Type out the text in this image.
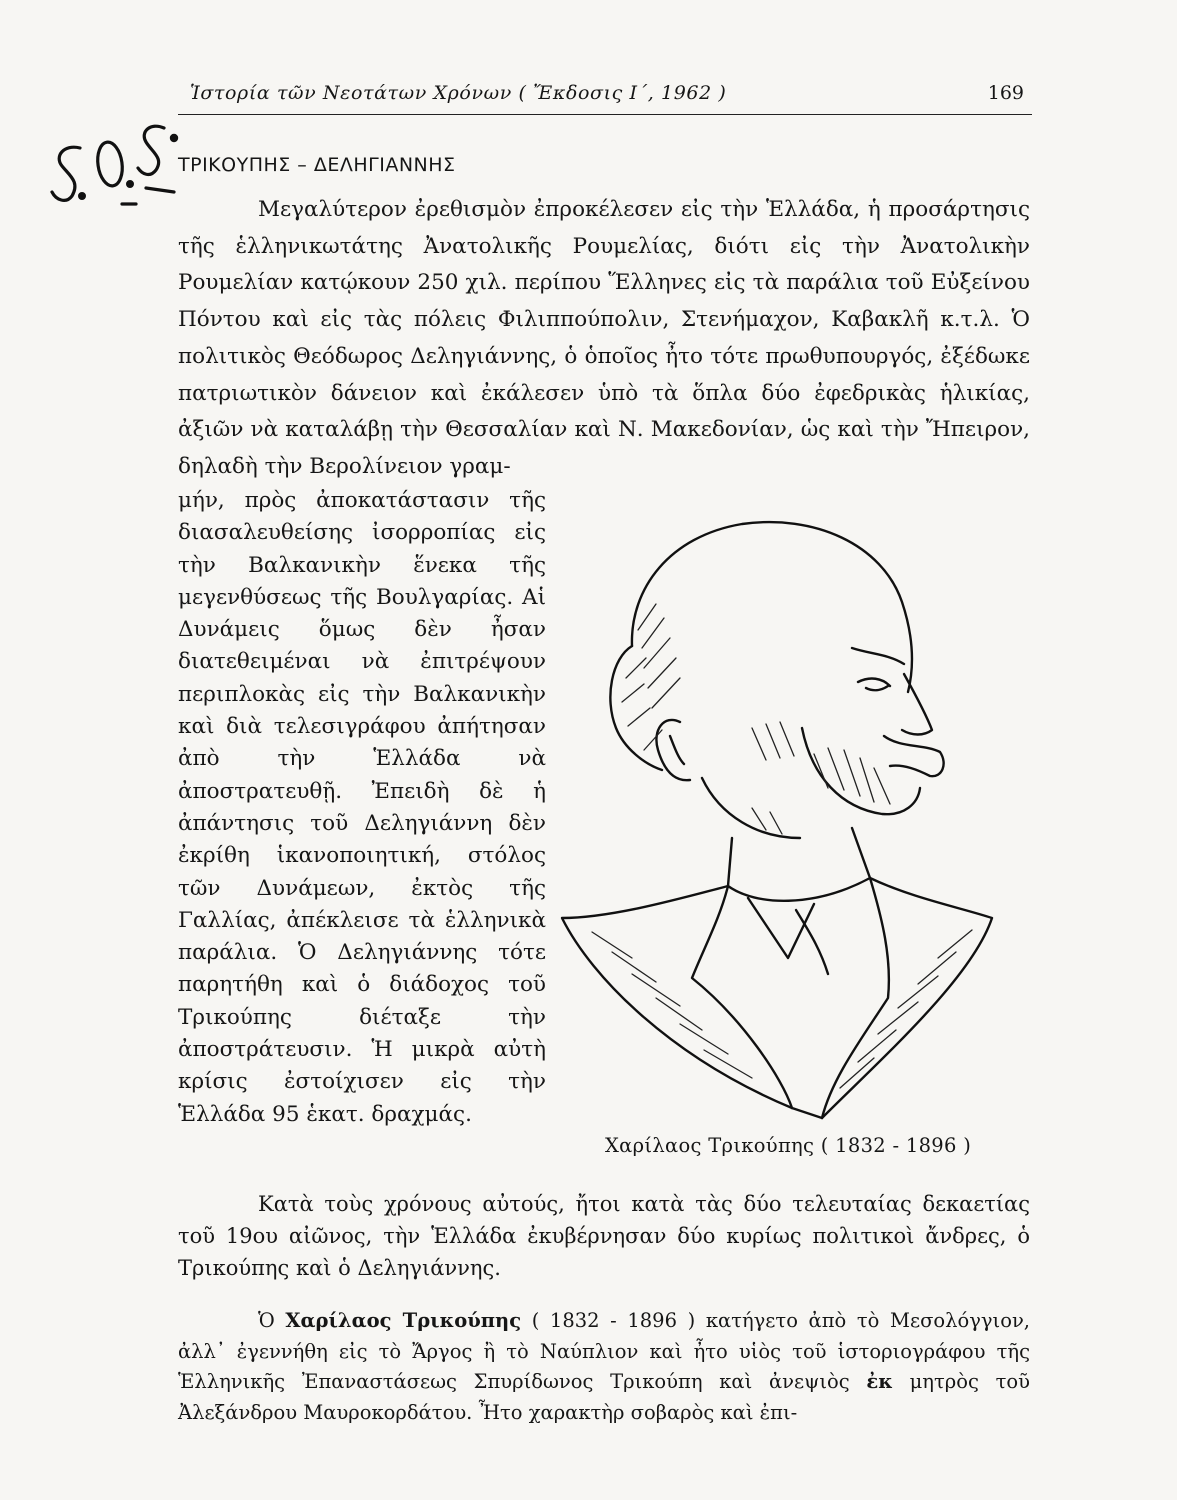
Ἱστορία τῶν Νεοτάτων Χρόνων ( Ἔκδοσις Ι΄, 1962 )	169
ΤΡΙΚΟΥΠΗΣ – ΔΕΛΗΓΙΑΝΝΗΣ

Μεγαλύτερον ἐρεθισμὸν ἐπροκέλεσεν εἰς τὴν Ἑλλάδα, ἡ προσάρτησις τῆς ἑλληνικωτάτης Ἀνατολικῆς Ρουμελίας, διότι εἰς τὴν Ἀνατολικὴν Ρουμελίαν κατῴκουν 250 χιλ. περίπου Ἕλληνες εἰς τὰ παράλια τοῦ Εὐξείνου Πόντου καὶ εἰς τὰς πόλεις Φιλιππούπολιν, Στενήμαχον, Καβακλῆ κ.τ.λ. Ὁ πολιτικὸς Θεόδωρος Δεληγιάννης, ὁ ὁποῖος ἦτο τότε πρωθυπουργός, ἐξέδωκε πατριωτικὸν δάνειον καὶ ἐκάλεσεν ὑπὸ τὰ ὅπλα δύο ἐφεδρικὰς ἡλικίας, ἀξιῶν νὰ καταλάβῃ τὴν Θεσσαλίαν καὶ Ν. Μακεδονίαν, ὡς καὶ τὴν Ἤπειρον, δηλαδὴ τὴν Βερολίνειον γραμ-

μήν, πρὸς ἀποκατάστασιν τῆς διασαλευθείσης ἰσορροπίας εἰς τὴν Βαλκανικὴν ἕνεκα τῆς μεγενθύσεως τῆς Βουλγαρίας. Αἱ Δυνάμεις ὅμως δὲν ἦσαν διατεθειμέναι νὰ ἐπιτρέψουν περιπλοκὰς εἰς τὴν Βαλκανικὴν καὶ διὰ τελεσιγράφου ἀπήτησαν ἀπὸ τὴν Ἑλλάδα νὰ ἀποστρατευθῇ. Ἐπειδὴ δὲ ἡ ἀπάντησις τοῦ Δεληγιάννη δὲν ἐκρίθη ἱκανοποιητική, στόλος τῶν Δυνάμεων, ἐκτὸς τῆς Γαλλίας, ἀπέκλεισε τὰ ἑλληνικὰ παράλια. Ὁ Δεληγιάννης τότε παρητήθη καὶ ὁ διάδοχος τοῦ Τρικούπης διέταξε τὴν ἀποστράτευσιν. Ἡ μικρὰ αὐτὴ κρίσις ἐστοίχισεν εἰς τὴν Ἑλλάδα 95 ἑκατ. δραχμάς.

Χαρίλαος Τρικούπης ( 1832 - 1896 )

Κατὰ τοὺς χρόνους αὐτούς, ἤτοι κατὰ τὰς δύο τελευταίας δεκαετίας τοῦ 19ου αἰῶνος, τὴν Ἑλλάδα ἐκυβέρνησαν δύο κυρίως πολιτικοὶ ἄνδρες, ὁ Τρικούπης καὶ ὁ Δεληγιάννης.

Ὁ Χαρίλαος Τρικούπης ( 1832 - 1896 ) κατήγετο ἀπὸ τὸ Μεσολόγγιον, ἀλλ᾽ ἐγεννήθη εἰς τὸ Ἄργος ἢ τὸ Ναύπλιον καὶ ἦτο υἱὸς τοῦ ἱστοριογράφου τῆς Ἑλληνικῆς Ἐπαναστάσεως Σπυρίδωνος Τρικούπη καὶ ἀνεψιὸς ἐκ μητρὸς τοῦ Ἀλεξάνδρου Μαυροκορδάτου. Ἦτο χαρακτὴρ σοβαρὸς καὶ ἐπι-
